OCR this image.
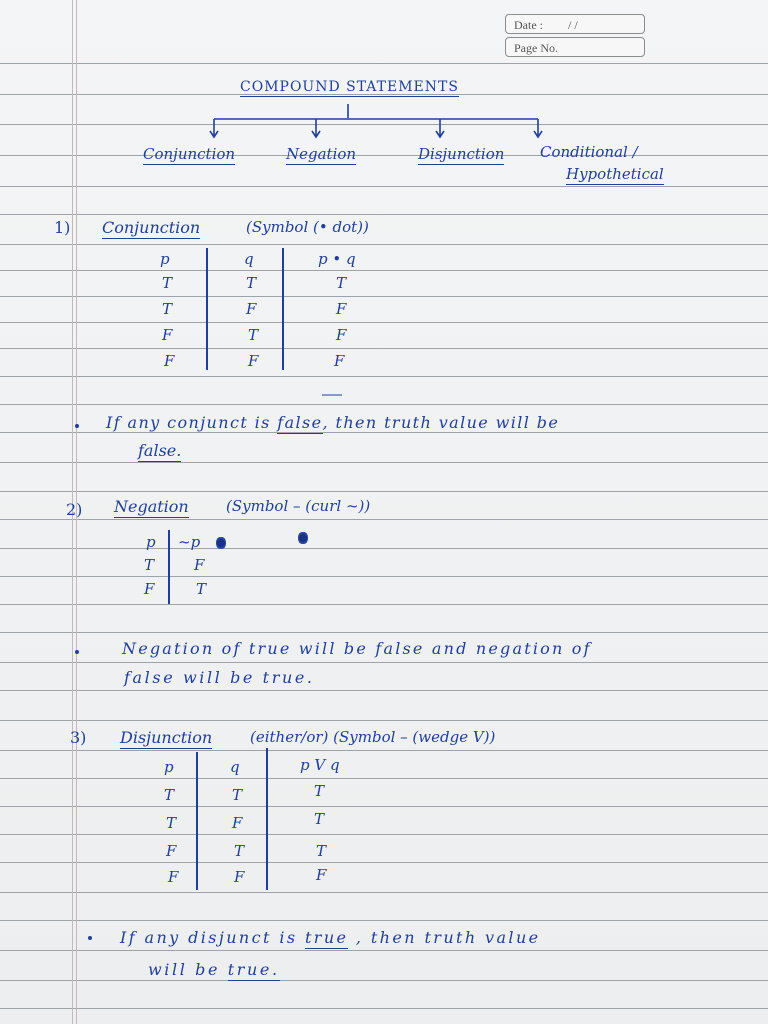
Date : / /
Page No.
COMPOUND STATEMENTS
Conjunction	Negation	Disjunction Conditional /
Hypothetical
1) Conjunction	(Symbol (• dot))
p	q	p • q
T	T	T
T	F	F
F	T	F
F	F	F
If any conjunct is false, then truth value will be
false.
2) Negation (Symbol – (curl ~))
p ~p
T	F
F	T
Negation of true will be false and negation of
false will be true.
3) Disjunction	(either/or) (Symbol – (wedge V))
p	q	p V q
T	T	T
T	F	T
F	T	T
F	F	F
If any disjunct is true , then truth value
will be true.
